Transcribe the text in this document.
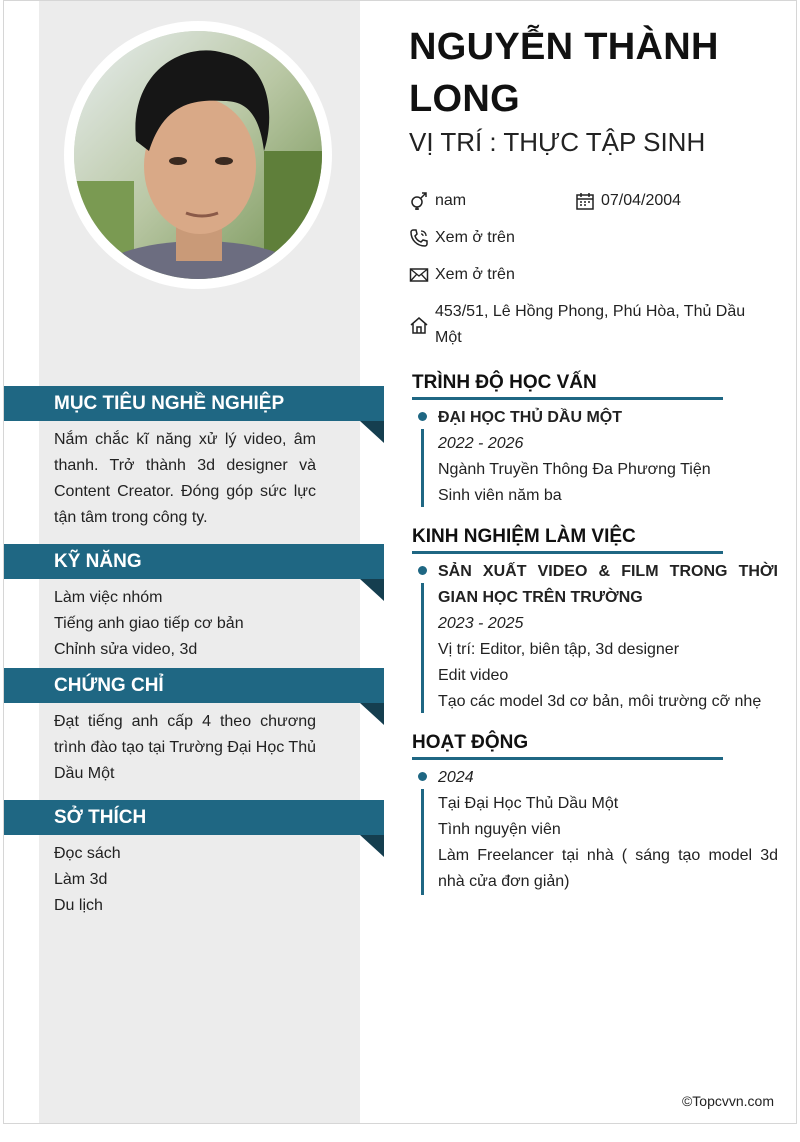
MỤC TIÊU NGHỀ NGHIỆP
Nắm chắc kĩ năng xử lý video, âm thanh. Trở thành 3d designer và Content Creator. Đóng góp sức lực tận tâm trong công ty.
KỸ NĂNG
Làm việc nhóm
Tiếng anh giao tiếp cơ bản
Chỉnh sửa video, 3d
CHỨNG CHỈ
Đạt tiếng anh cấp 4 theo chương trình đào tạo tại Trường Đại Học Thủ Dầu Một
SỞ THÍCH
Đọc sách
Làm 3d
Du lịch
NGUYỄN THÀNH LONG
VỊ TRÍ : THỰC TẬP SINH
nam	07/04/2004
Xem ở trên
Xem ở trên
453/51, Lê Hồng Phong, Phú Hòa, Thủ Dầu Một
TRÌNH ĐỘ HỌC VẤN
ĐẠI HỌC THỦ DẦU MỘT
2022 - 2026
Ngành Truyền Thông Đa Phương Tiện
Sinh viên năm ba
KINH NGHIỆM LÀM VIỆC
SẢN XUẤT VIDEO & FILM TRONG THỜI GIAN HỌC TRÊN TRƯỜNG
2023 - 2025
Vị trí: Editor, biên tập, 3d designer
Edit video
Tạo các model 3d cơ bản, môi trường cỡ nhẹ
HOẠT ĐỘNG
2024
Tại Đại Học Thủ Dầu Một
Tình nguyện viên
Làm Freelancer tại nhà ( sáng tạo model 3d nhà cửa đơn giản)
©Topcvvn.com
